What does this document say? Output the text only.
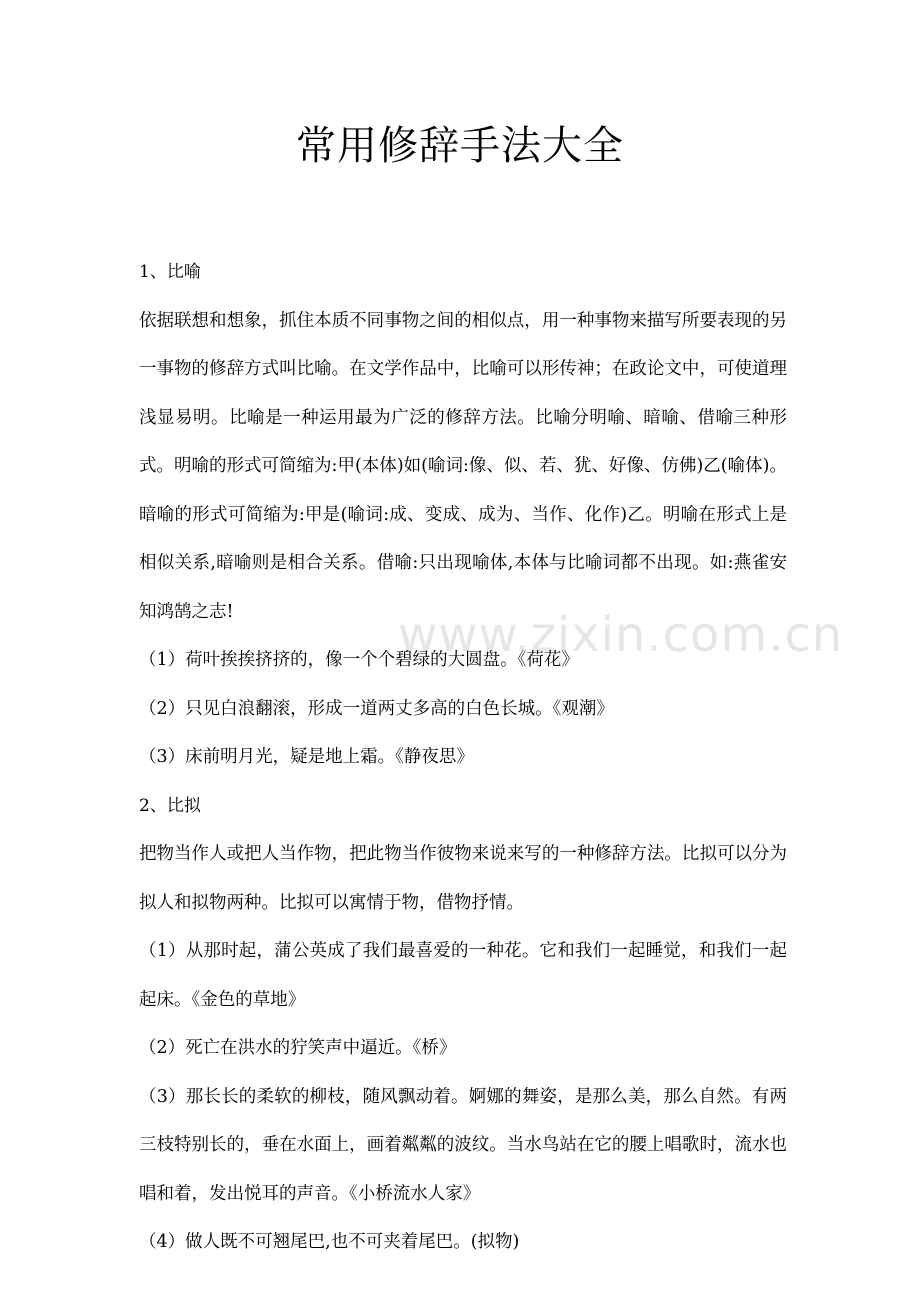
www.zixin.com.cn
常用修辞手法大全

1、比喻

依据联想和想象，抓住本质不同事物之间的相似点，用一种事物来描写所要表现的另一事物的修辞方式叫比喻。在文学作品中，比喻可以形传神；在政论文中，可使道理浅显易明。比喻是一种运用最为广泛的修辞方法。比喻分明喻、暗喻、借喻三种形式。明喻的形式可简缩为:甲(本体)如(喻词:像、似、若、犹、好像、仿佛)乙(喻体)。暗喻的形式可简缩为:甲是(喻词:成、变成、成为、当作、化作)乙。明喻在形式上是相似关系,暗喻则是相合关系。借喻:只出现喻体,本体与比喻词都不出现。如:燕雀安知鸿鹄之志!

（1）荷叶挨挨挤挤的，像一个个碧绿的大圆盘。《荷花》

（2）只见白浪翻滚，形成一道两丈多高的白色长城。《观潮》

（3）床前明月光，疑是地上霜。《静夜思》

2、比拟

把物当作人或把人当作物，把此物当作彼物来说来写的一种修辞方法。比拟可以分为拟人和拟物两种。比拟可以寓情于物，借物抒情。

（1）从那时起，蒲公英成了我们最喜爱的一种花。它和我们一起睡觉，和我们一起起床。《金色的草地》

（2）死亡在洪水的狞笑声中逼近。《桥》

（3）那长长的柔软的柳枝，随风飘动着。婀娜的舞姿，是那么美，那么自然。有两三枝特别长的，垂在水面上，画着粼粼的波纹。当水鸟站在它的腰上唱歌时，流水也唱和着，发出悦耳的声音。《小桥流水人家》

（4）做人既不可翘尾巴,也不可夹着尾巴。(拟物)
